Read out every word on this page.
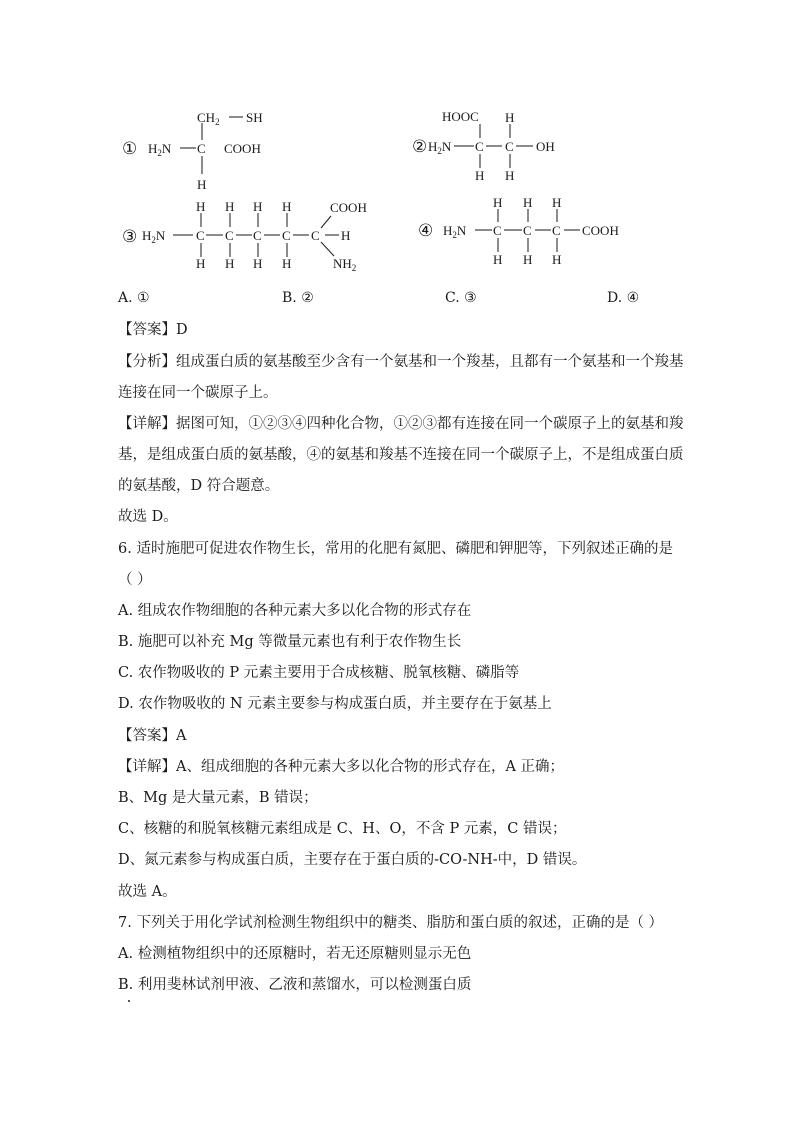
①
$CH_2$ SH
$H_2N$ C COOH
H
②
HOOC
$H_2N$ C C
H
OH
H H
③ $H_2N$ C C C C C
H H H H
H H H H
COOH
H
$NH_2$
④ $H_2N$ C C C
H H H
H H H
COOH
A. ①	B. ②	C. ③	D. ④
【答案】D
【分析】组成蛋白质的氨基酸至少含有一个氨基和一个羧基，且都有一个氨基和一个羧基
连接在同一个碳原子上。
【详解】据图可知，①②③④四种化合物，①②③都有连接在同一个碳原子上的氨基和羧
基，是组成蛋白质的氨基酸，④的氨基和羧基不连接在同一个碳原子上，不是组成蛋白质
的氨基酸，D 符合题意。
故选 D。
6. 适时施肥可促进农作物生长，常用的化肥有氮肥、磷肥和钾肥等，下列叙述正确的是
（ ）
A. 组成农作物细胞的各种元素大多以化合物的形式存在
B. 施肥可以补充 Mg 等微量元素也有利于农作物生长
C. 农作物吸收的 P 元素主要用于合成核糖、脱氧核糖、磷脂等
D. 农作物吸收的 N 元素主要参与构成蛋白质，并主要存在于氨基上
【答案】A
【详解】A、组成细胞的各种元素大多以化合物的形式存在，A 正确；
B、Mg 是大量元素，B 错误；
C、核糖的和脱氧核糖元素组成是 C、H、O，不含 P 元素，C 错误；
D、氮元素参与构成蛋白质，主要存在于蛋白质的-CO-NH-中，D 错误。
故选 A。
7. 下列关于用化学试剂检测生物组织中的糖类、脂肪和蛋白质的叙述，正确的是（ ）
A. 检测植物组织中的还原糖时，若无还原糖则显示无色
B. 利用斐林试剂甲液、乙液和蒸馏水，可以检测蛋白质
